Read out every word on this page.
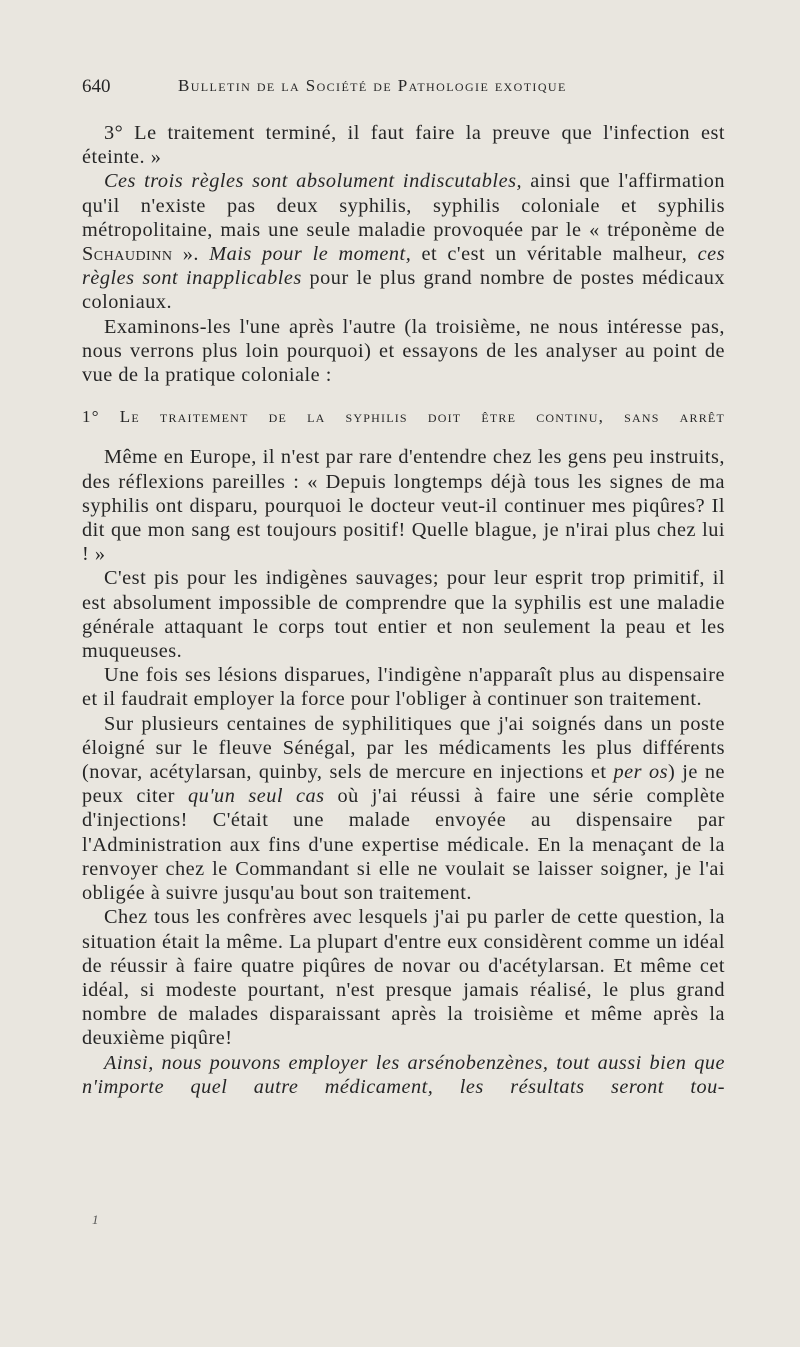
640	Bulletin de la Société de Pathologie exotique

3° Le traitement terminé, il faut faire la preuve que l'infection est éteinte. »

Ces trois règles sont absolument indiscutables, ainsi que l'affirmation qu'il n'existe pas deux syphilis, syphilis coloniale et syphilis métropolitaine, mais une seule maladie provoquée par le « tréponème de Schaudinn ». Mais pour le moment, et c'est un véritable malheur, ces règles sont inapplicables pour le plus grand nombre de postes médicaux coloniaux.

Examinons-les l'une après l'autre (la troisième, ne nous intéresse pas, nous verrons plus loin pourquoi) et essayons de les analyser au point de vue de la pratique coloniale :

1° Le traitement de la syphilis doit être continu, sans arrêt

Même en Europe, il n'est par rare d'entendre chez les gens peu instruits, des réflexions pareilles : « Depuis longtemps déjà tous les signes de ma syphilis ont disparu, pourquoi le docteur veut-il continuer mes piqûres? Il dit que mon sang est toujours positif! Quelle blague, je n'irai plus chez lui ! »

C'est pis pour les indigènes sauvages; pour leur esprit trop primitif, il est absolument impossible de comprendre que la syphilis est une maladie générale attaquant le corps tout entier et non seulement la peau et les muqueuses.

Une fois ses lésions disparues, l'indigène n'apparaît plus au dispensaire et il faudrait employer la force pour l'obliger à continuer son traitement.

Sur plusieurs centaines de syphilitiques que j'ai soignés dans un poste éloigné sur le fleuve Sénégal, par les médicaments les plus différents (novar, acétylarsan, quinby, sels de mercure en injections et per os) je ne peux citer qu'un seul cas où j'ai réussi à faire une série complète d'injections! C'était une malade envoyée au dispensaire par l'Administration aux fins d'une expertise médicale. En la menaçant de la renvoyer chez le Commandant si elle ne voulait se laisser soigner, je l'ai obligée à suivre jusqu'au bout son traitement.

Chez tous les confrères avec lesquels j'ai pu parler de cette question, la situation était la même. La plupart d'entre eux considèrent comme un idéal de réussir à faire quatre piqûres de novar ou d'acétylarsan. Et même cet idéal, si modeste pourtant, n'est presque jamais réalisé, le plus grand nombre de malades disparaissant après la troisième et même après la deuxième piqûre!

Ainsi, nous pouvons employer les arsénobenzènes, tout aussi bien que n'importe quel autre médicament, les résultats seront tou-

1
